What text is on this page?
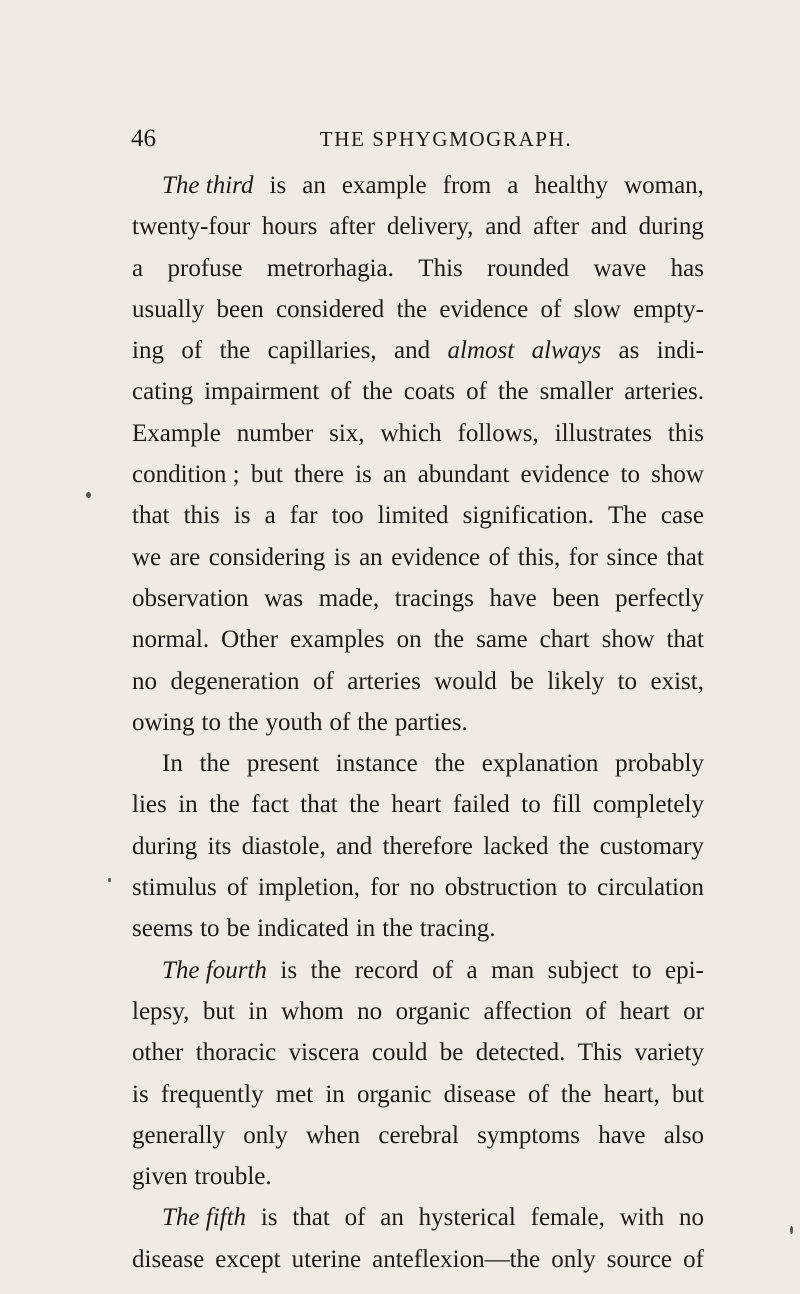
46	THE SPHYGMOGRAPH.
The third is an example from a healthy woman,
twenty-four hours after delivery, and after and during
a profuse metrorhagia. This rounded wave has
usually been considered the evidence of slow empty-
ing of the capillaries, and almost always as indi-
cating impairment of the coats of the smaller arteries.
Example number six, which follows, illustrates this
condition ; but there is an abundant evidence to show
that this is a far too limited signification. The case
we are considering is an evidence of this, for since that
observation was made, tracings have been perfectly
normal. Other examples on the same chart show that
no degeneration of arteries would be likely to exist,
owing to the youth of the parties.
In the present instance the explanation probably
lies in the fact that the heart failed to fill completely
during its diastole, and therefore lacked the customary
stimulus of impletion, for no obstruction to circulation
seems to be indicated in the tracing.
The fourth is the record of a man subject to epi-
lepsy, but in whom no organic affection of heart or
other thoracic viscera could be detected. This variety
is frequently met in organic disease of the heart, but
generally only when cerebral symptoms have also
given trouble.
The fifth is that of an hysterical female, with no
disease except uterine anteflexion—the only source of
